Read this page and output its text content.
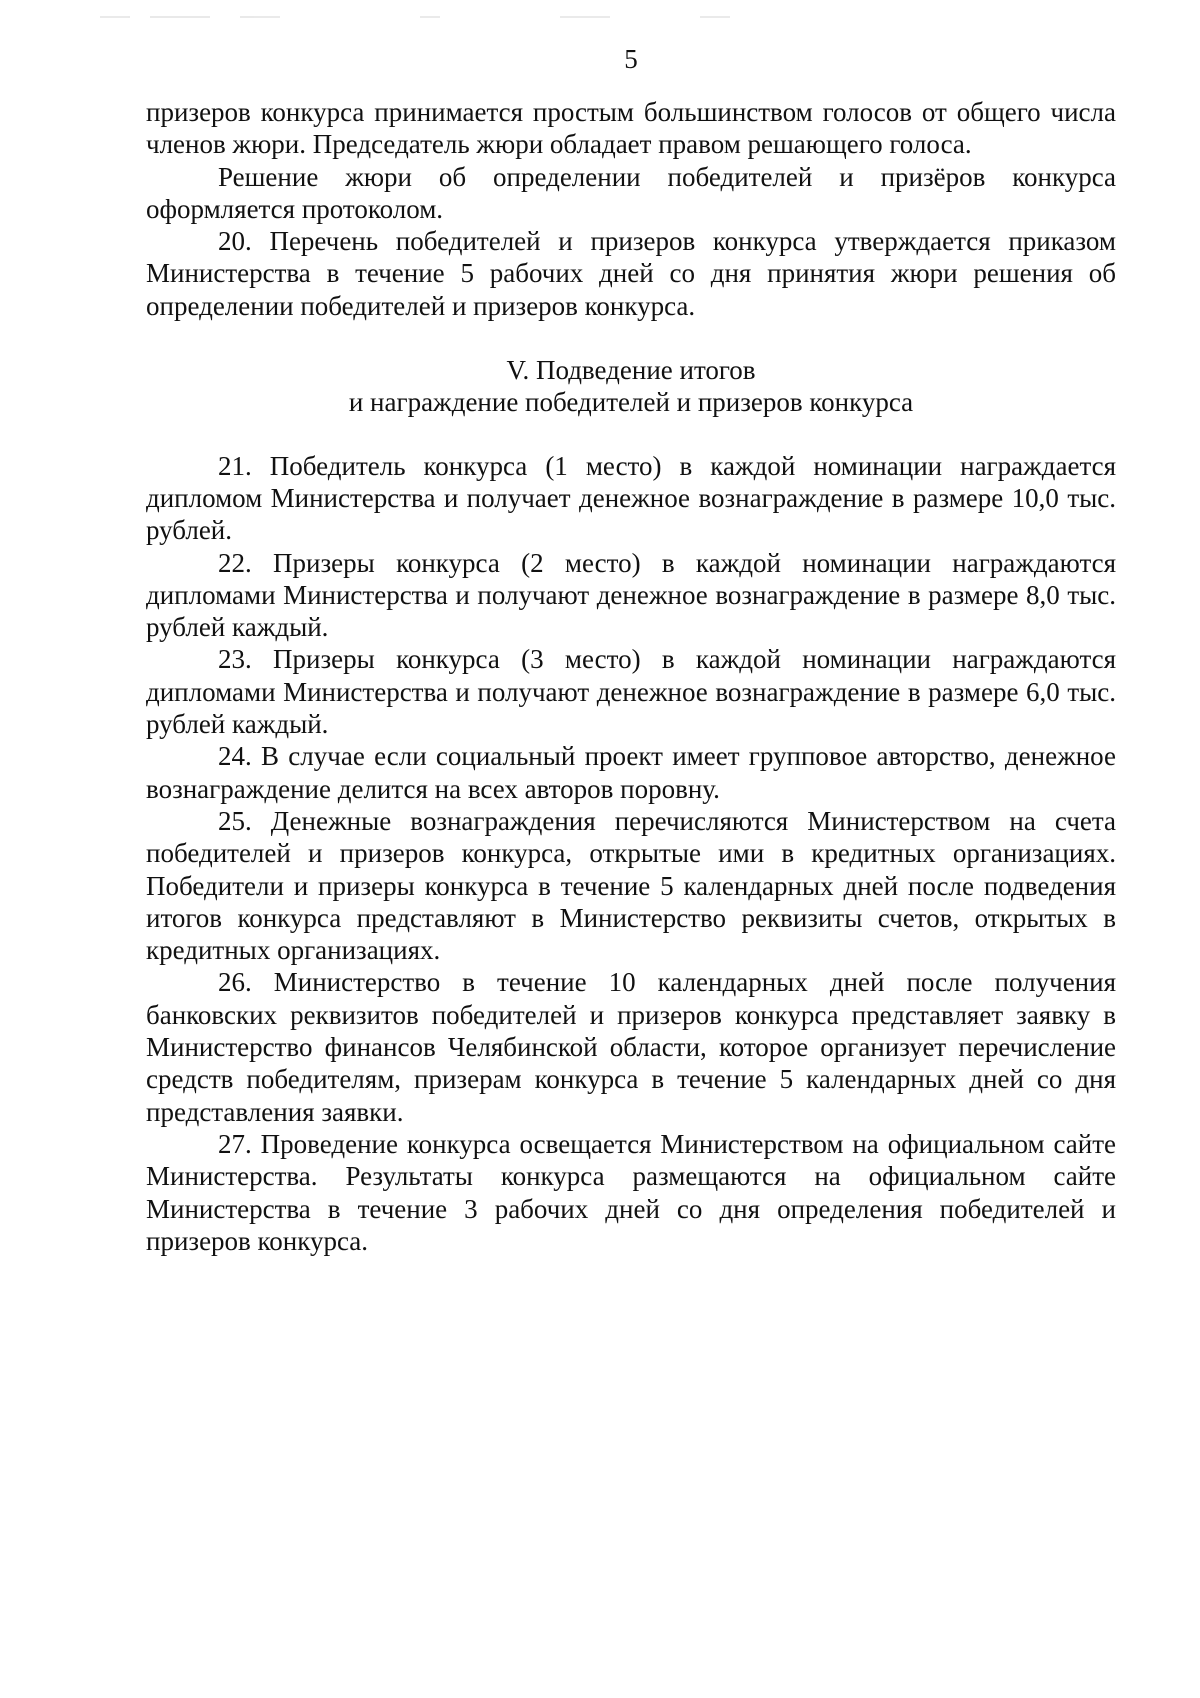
5

призеров конкурса принимается простым большинством голосов от общего числа членов жюри. Председатель жюри обладает правом решающего голоса.

Решение жюри об определении победителей и призёров конкурса оформляется протоколом.

20. Перечень победителей и призеров конкурса утверждается приказом Министерства в течение 5 рабочих дней со дня принятия жюри решения об определении победителей и призеров конкурса.

V. Подведение итогов
и награждение победителей и призеров конкурса

21. Победитель конкурса (1 место) в каждой номинации награждается дипломом Министерства и получает денежное вознаграждение в размере 10,0 тыс. рублей.

22. Призеры конкурса (2 место) в каждой номинации награждаются дипломами Министерства и получают денежное вознаграждение в размере 8,0 тыс. рублей каждый.

23. Призеры конкурса (3 место) в каждой номинации награждаются дипломами Министерства и получают денежное вознаграждение в размере 6,0 тыс. рублей каждый.

24. В случае если социальный проект имеет групповое авторство, денежное вознаграждение делится на всех авторов поровну.

25. Денежные вознаграждения перечисляются Министерством на счета победителей и призеров конкурса, открытые ими в кредитных организациях. Победители и призеры конкурса в течение 5 календарных дней после подведения итогов конкурса представляют в Министерство реквизиты счетов, открытых в кредитных организациях.

26. Министерство в течение 10 календарных дней после получения банковских реквизитов победителей и призеров конкурса представляет заявку в Министерство финансов Челябинской области, которое организует перечисление средств победителям, призерам конкурса в течение 5 календарных дней со дня представления заявки.

27. Проведение конкурса освещается Министерством на официальном сайте Министерства. Результаты конкурса размещаются на официальном сайте Министерства в течение 3 рабочих дней со дня определения победителей и призеров конкурса.
